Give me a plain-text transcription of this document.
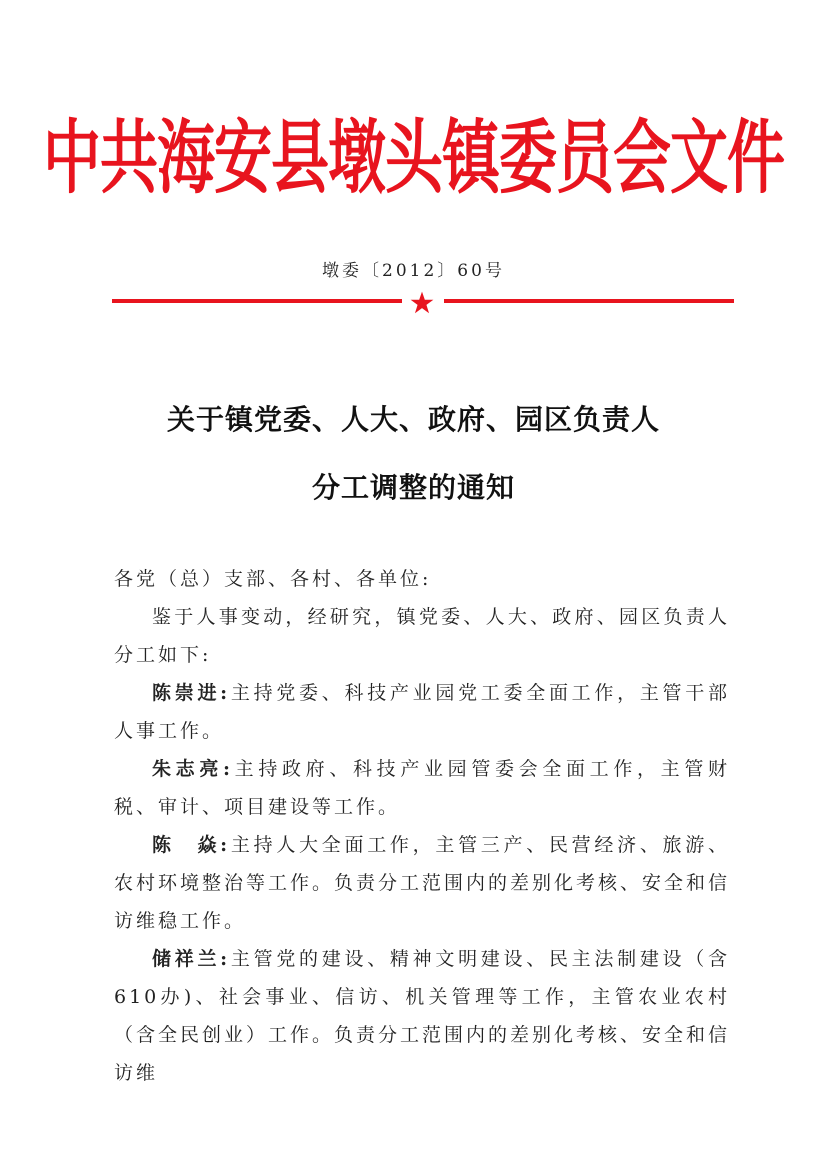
中共海安县墩头镇委员会文件
墩委〔2012〕60号
关于镇党委、人大、政府、园区负责人
分工调整的通知

各党（总）支部、各村、各单位:

鉴于人事变动，经研究，镇党委、人大、政府、园区负责人分工如下:

陈崇进:主持党委、科技产业园党工委全面工作，主管干部人事工作。

朱志亮:主持政府、科技产业园管委会全面工作，主管财税、审计、项目建设等工作。

陈　焱:主持人大全面工作，主管三产、民营经济、旅游、农村环境整治等工作。负责分工范围内的差别化考核、安全和信访维稳工作。

储祥兰:主管党的建设、精神文明建设、民主法制建设（含610办)、社会事业、信访、机关管理等工作，主管农业农村（含全民创业）工作。负责分工范围内的差别化考核、安全和信访维
